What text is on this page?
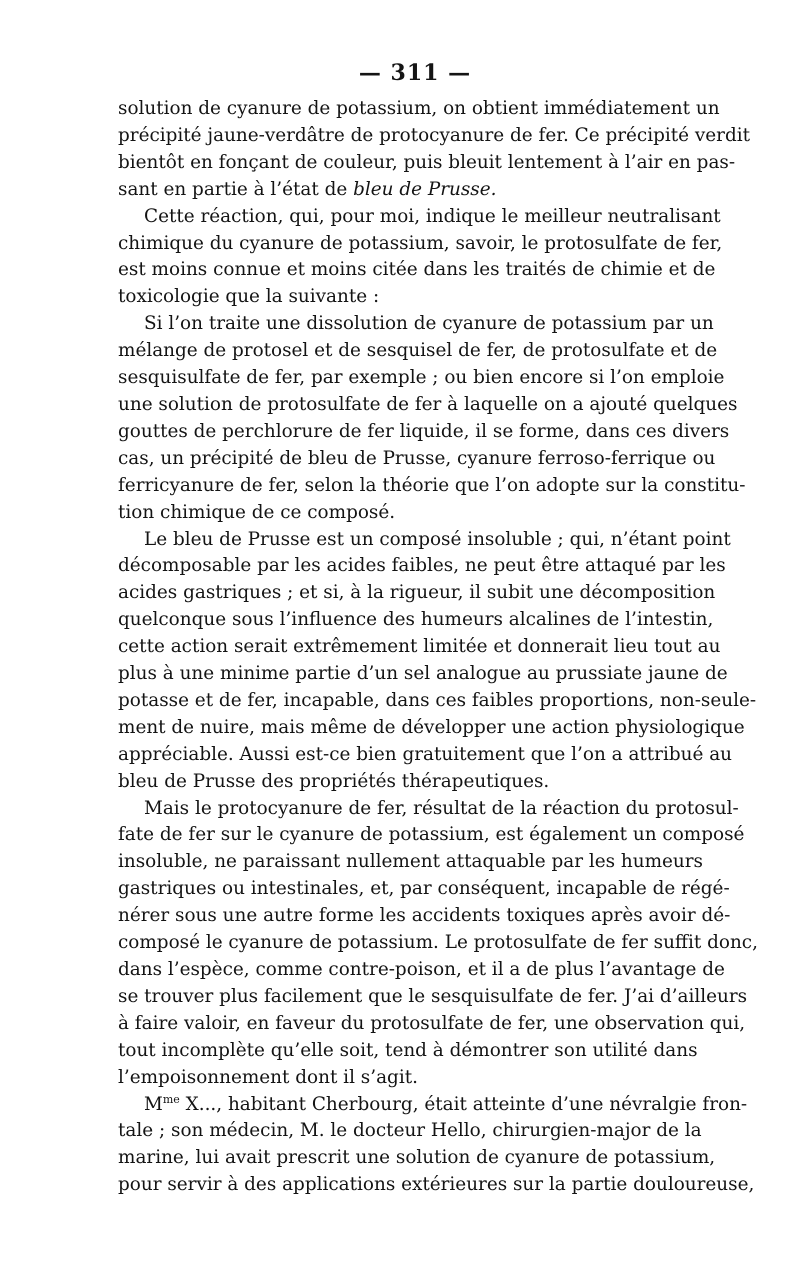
— 311 —

solution de cyanure de potassium, on obtient immédiatement un
précipité jaune-verdâtre de protocyanure de fer. Ce précipité verdit
bientôt en fonçant de couleur, puis bleuit lentement à l’air en pas-
sant en partie à l’état de bleu de Prusse.

Cette réaction, qui, pour moi, indique le meilleur neutralisant
chimique du cyanure de potassium, savoir, le protosulfate de fer,
est moins connue et moins citée dans les traités de chimie et de
toxicologie que la suivante :

Si l’on traite une dissolution de cyanure de potassium par un
mélange de protosel et de sesquisel de fer, de protosulfate et de
sesquisulfate de fer, par exemple ; ou bien encore si l’on emploie
une solution de protosulfate de fer à laquelle on a ajouté quelques
gouttes de perchlorure de fer liquide, il se forme, dans ces divers
cas, un précipité de bleu de Prusse, cyanure ferroso-ferrique ou
ferricyanure de fer, selon la théorie que l’on adopte sur la constitu-
tion chimique de ce composé.

Le bleu de Prusse est un composé insoluble ; qui, n’étant point
décomposable par les acides faibles, ne peut être attaqué par les
acides gastriques ; et si, à la rigueur, il subit une décomposition
quelconque sous l’influence des humeurs alcalines de l’intestin,
cette action serait extrêmement limitée et donnerait lieu tout au
plus à une minime partie d’un sel analogue au prussiate jaune de
potasse et de fer, incapable, dans ces faibles proportions, non-seule-
ment de nuire, mais même de développer une action physiologique
appréciable. Aussi est-ce bien gratuitement que l’on a attribué au
bleu de Prusse des propriétés thérapeutiques.

Mais le protocyanure de fer, résultat de la réaction du protosul-
fate de fer sur le cyanure de potassium, est également un composé
insoluble, ne paraissant nullement attaquable par les humeurs
gastriques ou intestinales, et, par conséquent, incapable de régé-
nérer sous une autre forme les accidents toxiques après avoir dé-
composé le cyanure de potassium. Le protosulfate de fer suffit donc,
dans l’espèce, comme contre-poison, et il a de plus l’avantage de
se trouver plus facilement que le sesquisulfate de fer. J’ai d’ailleurs
à faire valoir, en faveur du protosulfate de fer, une observation qui,
tout incomplète qu’elle soit, tend à démontrer son utilité dans
l’empoisonnement dont il s’agit.

$M^{me}$ X..., habitant Cherbourg, était atteinte d’une névralgie fron-
tale ; son médecin, M. le docteur Hello, chirurgien-major de la
marine, lui avait prescrit une solution de cyanure de potassium,
pour servir à des applications extérieures sur la partie douloureuse,
